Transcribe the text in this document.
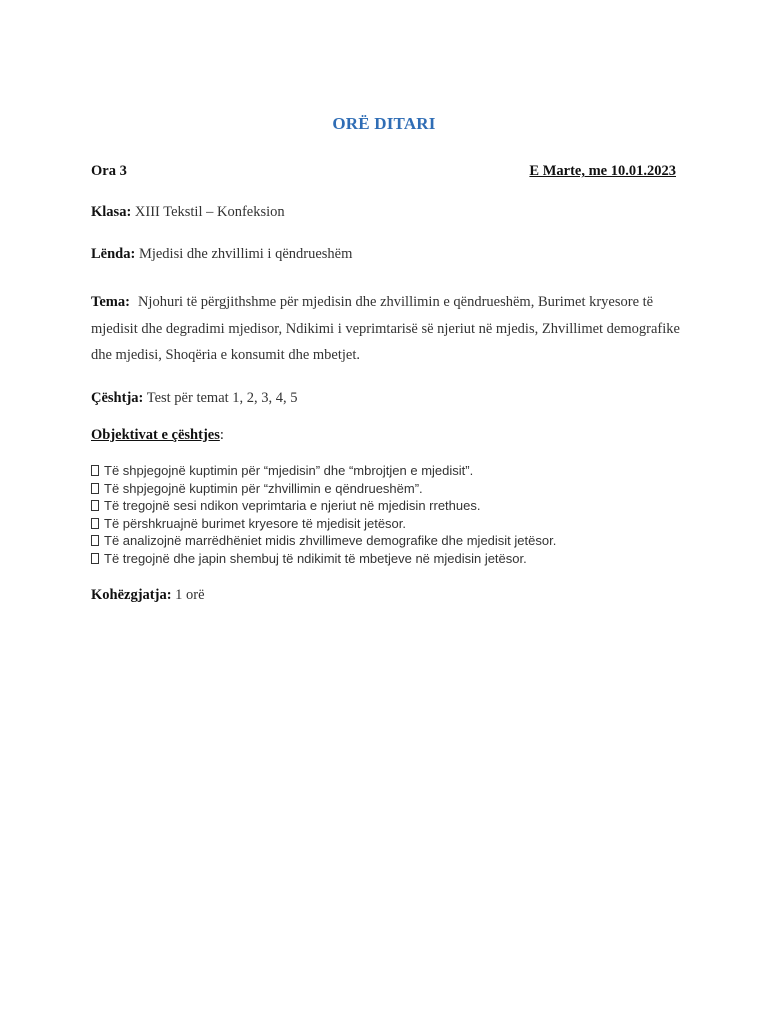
ORË DITARI
Ora 3	E Marte, me 10.01.2023
Klasa: XIII Tekstil – Konfeksion
Lënda: Mjedisi dhe zhvillimi i qëndrueshëm
Tema: Njohuri të përgjithshme për mjedisin dhe zhvillimin e qëndrueshëm, Burimet kryesore të mjedisit dhe degradimi mjedisor, Ndikimi i veprimtarisë së njeriut në mjedis, Zhvillimet demografike dhe mjedisi, Shoqëria e konsumit dhe mbetjet.
Çështja: Test për temat 1, 2, 3, 4, 5
Objektivat e çështjes:
Të shpjegojnë kuptimin për “mjedisin” dhe “mbrojtjen e mjedisit”.
Të shpjegojnë kuptimin për “zhvillimin e qëndrueshëm”.
Të tregojnë sesi ndikon veprimtaria e njeriut në mjedisin rrethues.
Të përshkruajnë burimet kryesore të mjedisit jetësor.
Të analizojnë marrëdhëniet midis zhvillimeve demografike dhe mjedisit jetësor.
Të tregojnë dhe japin shembuj të ndikimit të mbetjeve në mjedisin jetësor.
Kohëzgjatja: 1 orë
